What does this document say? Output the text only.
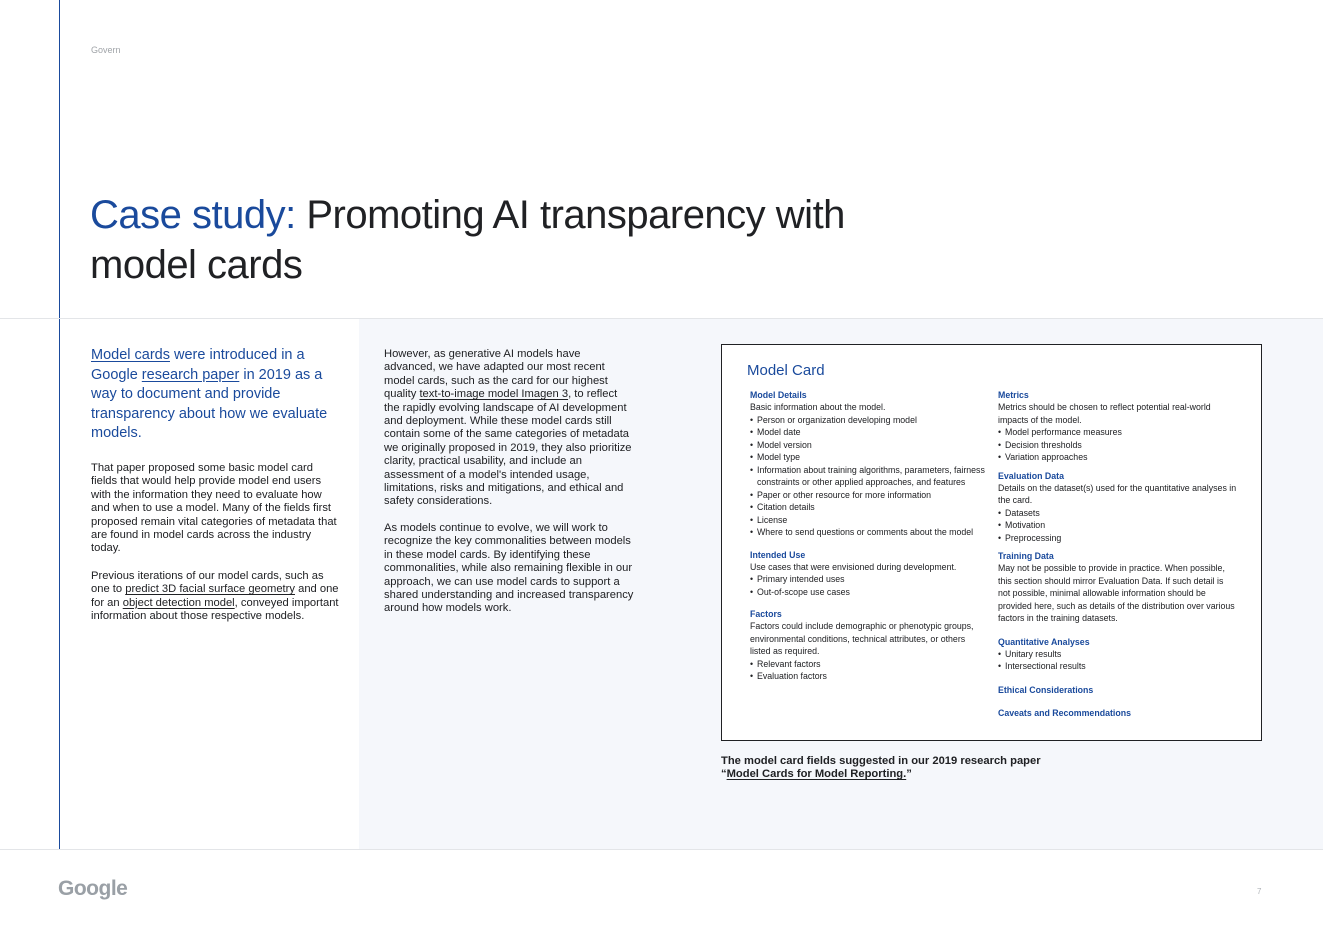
Govern
Case study: Promoting AI transparency with model cards
Model cards were introduced in a Google research paper in 2019 as a way to document and provide transparency about how we evaluate models.

That paper proposed some basic model card fields that would help provide model end users with the information they need to evaluate how and when to use a model. Many of the fields first proposed remain vital categories of metadata that are found in model cards across the industry today.

Previous iterations of our model cards, such as one to predict 3D facial surface geometry and one for an object detection model, conveyed important information about those respective models.

However, as generative AI models have advanced, we have adapted our most recent model cards, such as the card for our highest quality text-to-image model Imagen 3, to reflect the rapidly evolving landscape of AI development and deployment. While these model cards still contain some of the same categories of metadata we originally proposed in 2019, they also prioritize clarity, practical usability, and include an assessment of a model's intended usage, limitations, risks and mitigations, and ethical and safety considerations.

As models continue to evolve, we will work to recognize the key commonalities between models in these model cards. By identifying these commonalities, while also remaining flexible in our approach, we can use model cards to support a shared understanding and increased transparency around how models work.

Model Card
Model Details
Basic information about the model.
• Person or organization developing model
• Model date
• Model version
• Model type
• Information about training algorithms, parameters, fairness constraints or other applied approaches, and features
• Paper or other resource for more information
• Citation details
• License
• Where to send questions or comments about the model
Intended Use
Use cases that were envisioned during development.
• Primary intended uses
• Out-of-scope use cases
Factors
Factors could include demographic or phenotypic groups, environmental conditions, technical attributes, or others listed as required.
• Relevant factors
• Evaluation factors
Metrics
Metrics should be chosen to reflect potential real-world impacts of the model.
• Model performance measures
• Decision thresholds
• Variation approaches
Evaluation Data
Details on the dataset(s) used for the quantitative analyses in the card.
• Datasets
• Motivation
• Preprocessing
Training Data
May not be possible to provide in practice. When possible, this section should mirror Evaluation Data. If such detail is not possible, minimal allowable information should be provided here, such as details of the distribution over various factors in the training datasets.
Quantitative Analyses
• Unitary results
• Intersectional results
Ethical Considerations
Caveats and Recommendations
The model card fields suggested in our 2019 research paper
“Model Cards for Model Reporting.”
Google	7
